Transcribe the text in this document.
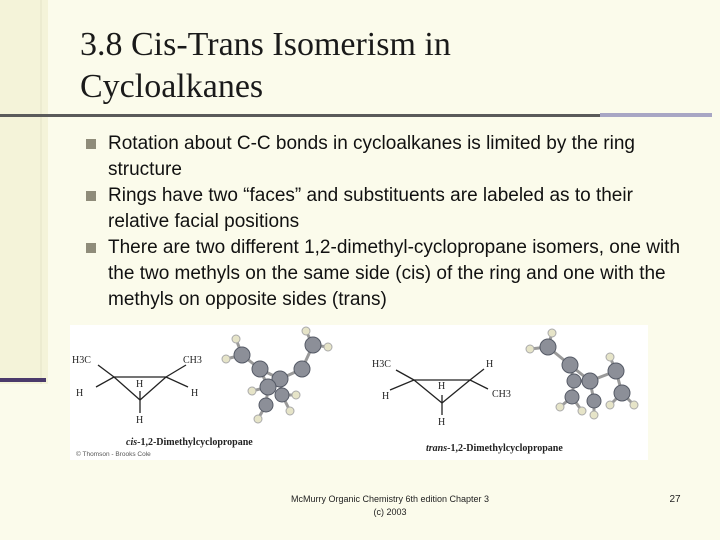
3.8 Cis-Trans Isomerism in
Cycloalkanes
Rotation about C-C bonds in cycloalkanes is limited by the ring structure
Rings have two “faces” and substituents are labeled as to their relative facial positions
There are two different 1,2-dimethyl-cyclopropane isomers, one with the two methyls on the same side (cis) of the ring and one with the methyls on opposite sides (trans)
H3C	CH3
H	H
H
H
H3C	H
H
H
CH3
H
cis-1,2-Dimethylcyclopropane
trans-1,2-Dimethylcyclopropane
© Thomson - Brooks Cole
McMurry Organic Chemistry 6th edition Chapter 3
(c) 2003
27
